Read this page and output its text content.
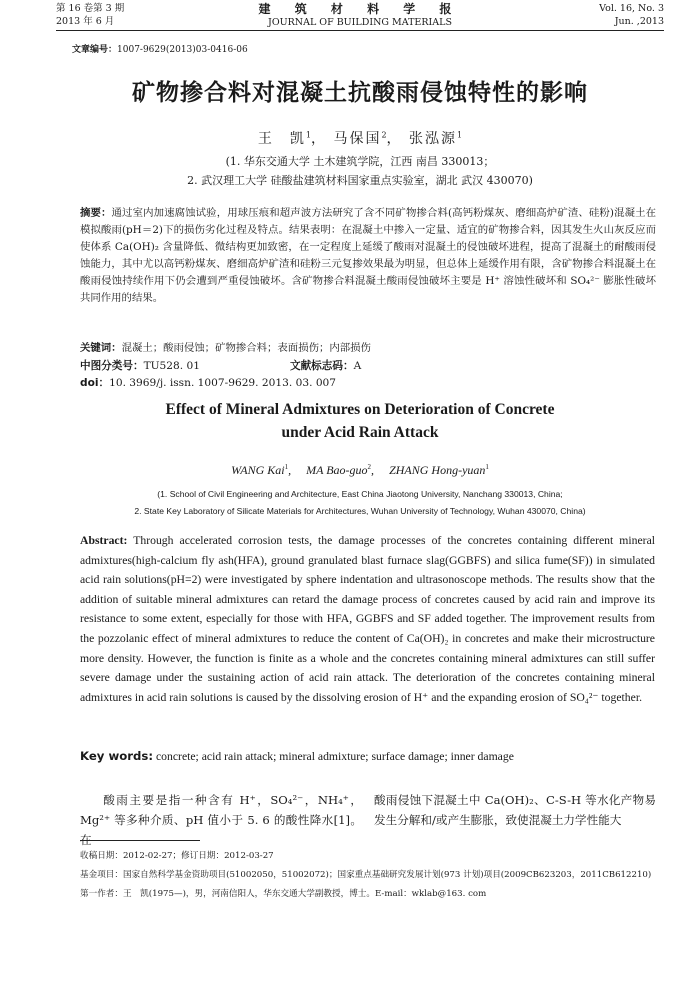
第 16 卷第 3 期
2013 年 6 月
建 筑 材 料 学 报
JOURNAL OF BUILDING MATERIALS
Vol. 16, No. 3
Jun. ,2013
文章编号：1007-9629(2013)03-0416-06
矿物掺合料对混凝土抗酸雨侵蚀特性的影响
王　凯$^1$， 马保国$^2$， 张泓源$^1$
(1. 华东交通大学 土木建筑学院，江西 南昌 330013；
2. 武汉理工大学 硅酸盐建筑材料国家重点实验室，湖北 武汉 430070)
摘要：通过室内加速腐蚀试验，用球压痕和超声波方法研究了含不同矿物掺合料(高钙粉煤灰、磨细高炉矿渣、硅粉)混凝土在模拟酸雨(pH＝2)下的损伤劣化过程及特点。结果表明：在混凝土中掺入一定量、适宜的矿物掺合料，因其发生火山灰反应而使体系 Ca(OH)₂ 含量降低、微结构更加致密，在一定程度上延缓了酸雨对混凝土的侵蚀破坏进程，提高了混凝土的耐酸雨侵蚀能力，其中尤以高钙粉煤灰、磨细高炉矿渣和硅粉三元复掺效果最为明显，但总体上延缓作用有限，含矿物掺合料混凝土在酸雨侵蚀持续作用下仍会遭到严重侵蚀破坏。含矿物掺合料混凝土酸雨侵蚀破坏主要是 H⁺ 溶蚀性破坏和 SO₄²⁻ 膨胀性破坏共同作用的结果。
关键词：混凝土；酸雨侵蚀；矿物掺合料；表面损伤；内部损伤
中图分类号：TU528. 01	文献标志码：Adoi：10. 3969/j. issn. 1007-9629. 2013. 03. 007
Effect of Mineral Admixtures on Deterioration of Concrete
under Acid Rain Attack
WANG Kai$^1$,　 MA Bao-guo$^2$,　 ZHANG Hong-yuan$^1$
(1. School of Civil Engineering and Architecture, East China Jiaotong University, Nanchang 330013, China;
2. State Key Laboratory of Silicate Materials for Architectures, Wuhan University of Technology, Wuhan 430070, China)
Abstract: Through accelerated corrosion tests, the damage processes of the concretes containing different mineral admixtures(high-calcium fly ash(HFA), ground granulated blast furnace slag(GGBFS) and silica fume(SF)) in simulated acid rain solutions(pH=2) were investigated by sphere indentation and ultrasonoscope methods. The results show that the addition of suitable mineral admixtures can retard the damage process of concretes caused by acid rain and improve its resistance to some extent, especially for those with HFA, GGBFS and SF added together. The improvement results from the pozzolanic effect of mineral admixtures to reduce the content of Ca(OH)₂ in concretes and make their microstructure more density. However, the function is finite as a whole and the concretes containing mineral admixtures can still suffer severe damage under the sustaining action of acid rain attack. The deterioration of the concretes containing mineral admixtures in acid rain solutions is caused by the dissolving erosion of H⁺ and the expanding erosion of SO₄²⁻ together.
Key words: concrete; acid rain attack; mineral admixture; surface damage; inner damage

酸雨主要是指一种含有 H⁺，SO₄²⁻，NH₄⁺，Mg²⁺ 等多种介质、pH 值小于 5. 6 的酸性降水[1]。在

酸雨侵蚀下混凝土中 Ca(OH)₂、C-S-H 等水化产物易发生分解和/或产生膨胀，致使混凝土力学性能大

收稿日期：2012-02-27；修订日期：2012-03-27

基金项目：国家自然科学基金资助项目(51002050，51002072)；国家重点基础研究发展计划(973 计划)项目(2009CB623203，2011CB612210)

第一作者：王　凯(1975—)，男，河南信阳人，华东交通大学副教授，博士。E-mail：wklab@163. com
